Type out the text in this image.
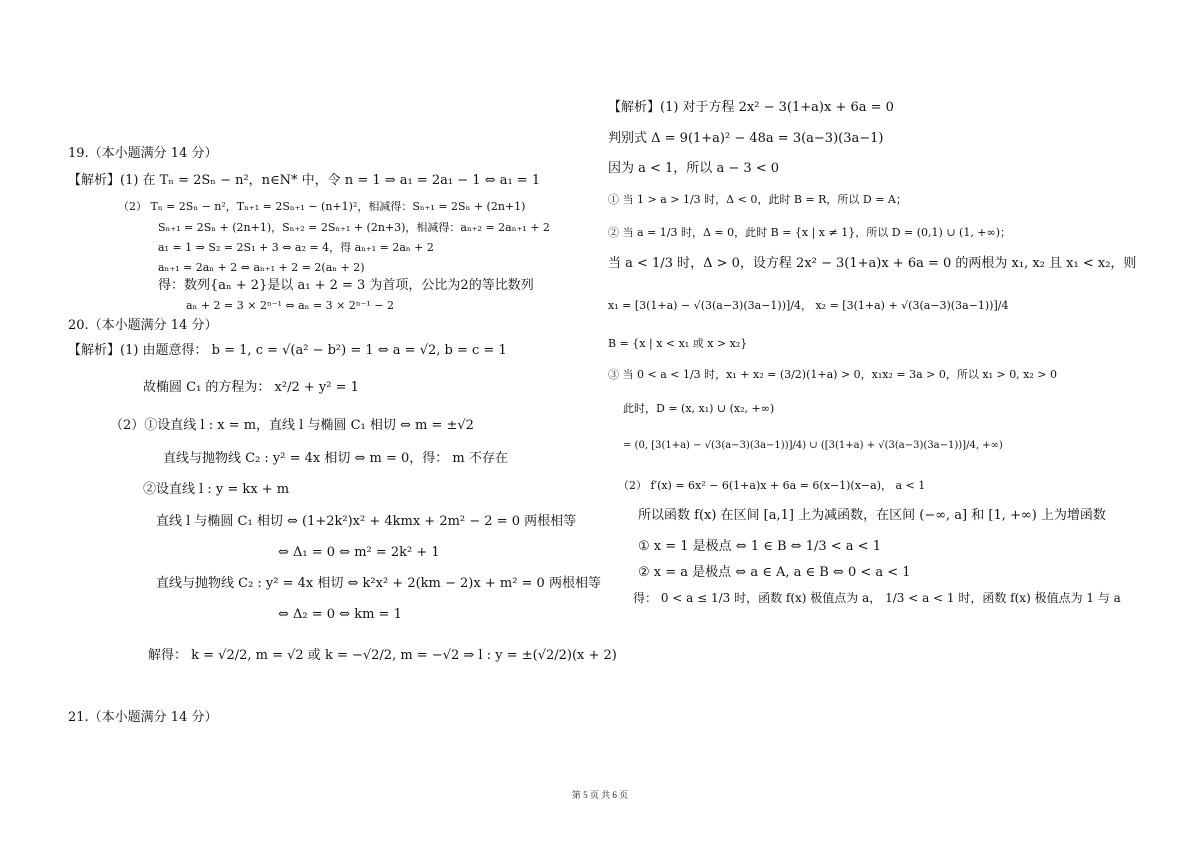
19.（本小题满分 14 分）
【解析】(1) 在 Tₙ = 2Sₙ − n²，n∈N* 中，令 n = 1 ⇒ a₁ = 2a₁ − 1 ⇔ a₁ = 1
（2） Tₙ = 2Sₙ − n²，Tₙ₊₁ = 2Sₙ₊₁ − (n+1)²，相减得：Sₙ₊₁ = 2Sₙ + (2n+1)
Sₙ₊₁ = 2Sₙ + (2n+1)，Sₙ₊₂ = 2Sₙ₊₁ + (2n+3)，相减得：aₙ₊₂ = 2aₙ₊₁ + 2
a₁ = 1 ⇒ S₂ = 2S₁ + 3 ⇔ a₂ = 4，得 aₙ₊₁ = 2aₙ + 2
aₙ₊₁ = 2aₙ + 2 ⇔ aₙ₊₁ + 2 = 2(aₙ + 2)
得：数列{aₙ + 2}是以 a₁ + 2 = 3 为首项，公比为2的等比数列
aₙ + 2 = 3 × 2ⁿ⁻¹ ⇔ aₙ = 3 × 2ⁿ⁻¹ − 2
20.（本小题满分 14 分）
【解析】(1) 由题意得： b = 1, c = √(a² − b²) = 1 ⇔ a = √2, b = c = 1
故椭圆 C₁ 的方程为： x²/2 + y² = 1
（2）①设直线 l : x = m，直线 l 与椭圆 C₁ 相切 ⇔ m = ±√2
直线与抛物线 C₂ : y² = 4x 相切 ⇔ m = 0，得： m 不存在
②设直线 l : y = kx + m
直线 l 与椭圆 C₁ 相切 ⇔ (1+2k²)x² + 4kmx + 2m² − 2 = 0 两根相等
⇔ Δ₁ = 0 ⇔ m² = 2k² + 1
直线与抛物线 C₂ : y² = 4x 相切 ⇔ k²x² + 2(km − 2)x + m² = 0 两根相等
⇔ Δ₂ = 0 ⇔ km = 1
解得： k = √2/2, m = √2 或 k = −√2/2, m = −√2 ⇒ l : y = ±(√2/2)(x + 2)
21.（本小题满分 14 分）
【解析】(1) 对于方程 2x² − 3(1+a)x + 6a = 0
判别式 Δ = 9(1+a)² − 48a = 3(a−3)(3a−1)
因为 a < 1，所以 a − 3 < 0
① 当 1 > a > 1/3 时，Δ < 0，此时 B = R，所以 D = A；
② 当 a = 1/3 时，Δ = 0，此时 B = {x | x ≠ 1}，所以 D = (0,1) ∪ (1, +∞)；
当 a < 1/3 时，Δ > 0，设方程 2x² − 3(1+a)x + 6a = 0 的两根为 x₁, x₂ 且 x₁ < x₂，则
x₁ = [3(1+a) − √(3(a−3)(3a−1))]/4， x₂ = [3(1+a) + √(3(a−3)(3a−1))]/4
B = {x | x < x₁ 或 x > x₂}
③ 当 0 < a < 1/3 时，x₁ + x₂ = (3/2)(1+a) > 0，x₁x₂ = 3a > 0，所以 x₁ > 0, x₂ > 0
此时，D = (x, x₁) ∪ (x₂, +∞)
= (0, [3(1+a) − √(3(a−3)(3a−1))]/4) ∪ ([3(1+a) + √(3(a−3)(3a−1))]/4, +∞)
（2） f′(x) = 6x² − 6(1+a)x + 6a = 6(x−1)(x−a)， a < 1
所以函数 f(x) 在区间 [a,1] 上为减函数，在区间 (−∞, a] 和 [1, +∞) 上为增函数
① x = 1 是极点 ⇔ 1 ∈ B ⇔ 1/3 < a < 1
② x = a 是极点 ⇔ a ∈ A, a ∈ B ⇔ 0 < a < 1
得： 0 < a ≤ 1/3 时，函数 f(x) 极值点为 a， 1/3 < a < 1 时，函数 f(x) 极值点为 1 与 a
第 5 页 共 6 页
